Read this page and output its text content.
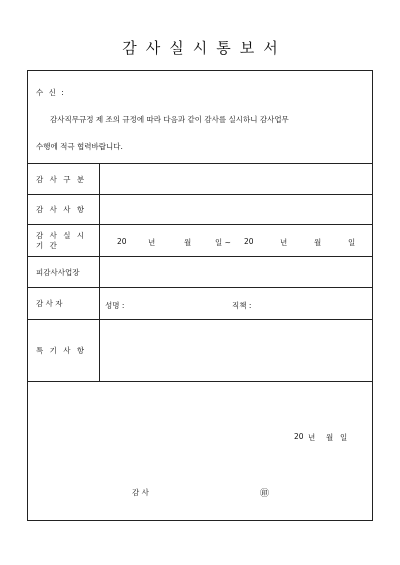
감사실시통보서
수 신 :
감사직무규정 제 조의 규정에 따라 다음과 같이 감사를 실시하니 감사업무
수행에 적극 협력바랍니다.
감 사 구 분
감 사 사 항
감 사 실 시
기 간	20	년	월	일 ~ 20	년	월	일
피감사사업장
감 사 자	성명 :	직책 :
특 기 사 항
20 년 월 일
감 사	㊞
